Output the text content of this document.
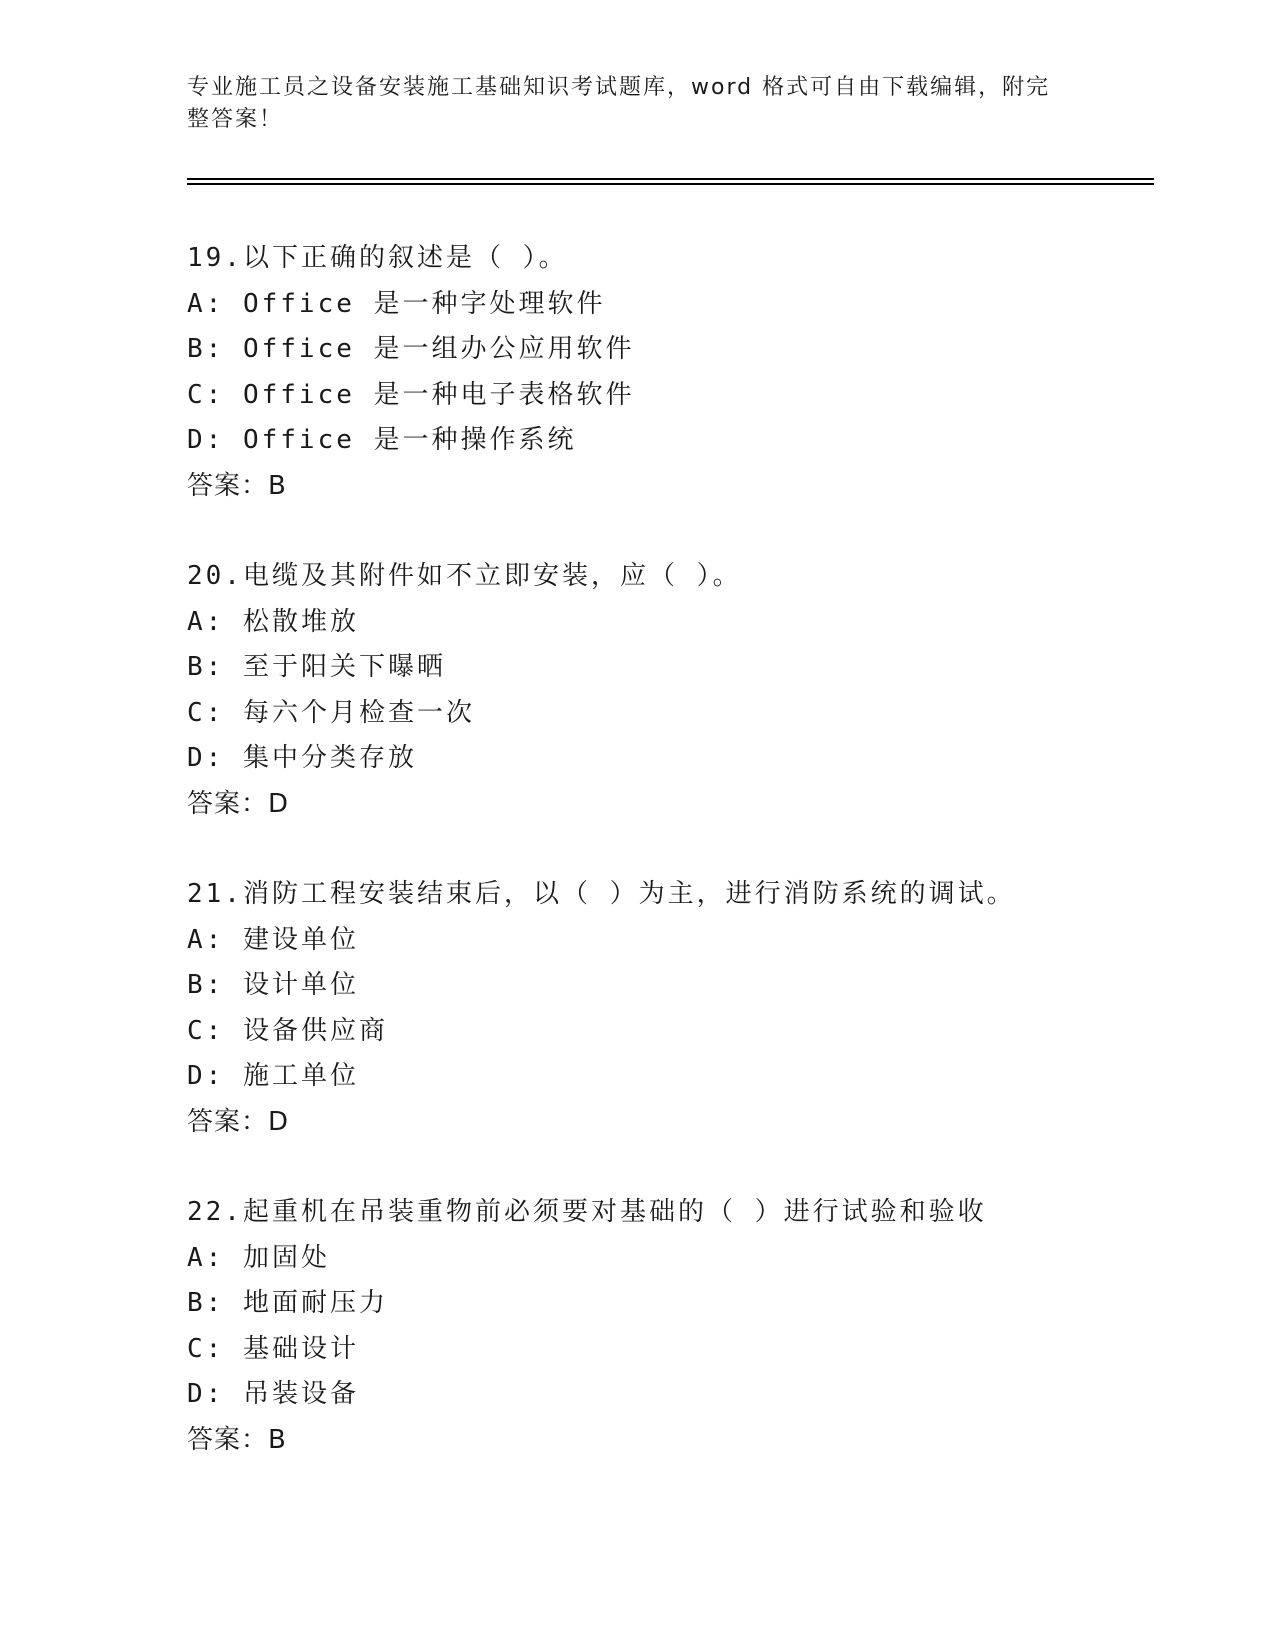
专业施工员之设备安装施工基础知识考试题库，word 格式可自由下载编辑，附完
整答案！
19.以下正确的叙述是（ ）。
A: Office 是一种字处理软件
B: Office 是一组办公应用软件
C: Office 是一种电子表格软件
D: Office 是一种操作系统
答案：B
20.电缆及其附件如不立即安装，应（ ）。
A: 松散堆放
B: 至于阳关下曝晒
C: 每六个月检查一次
D: 集中分类存放
答案：D
21.消防工程安装结束后，以（ ）为主，进行消防系统的调试。
A: 建设单位
B: 设计单位
C: 设备供应商
D: 施工单位
答案：D
22.起重机在吊装重物前必须要对基础的（ ）进行试验和验收
A: 加固处
B: 地面耐压力
C: 基础设计
D: 吊装设备
答案：B
